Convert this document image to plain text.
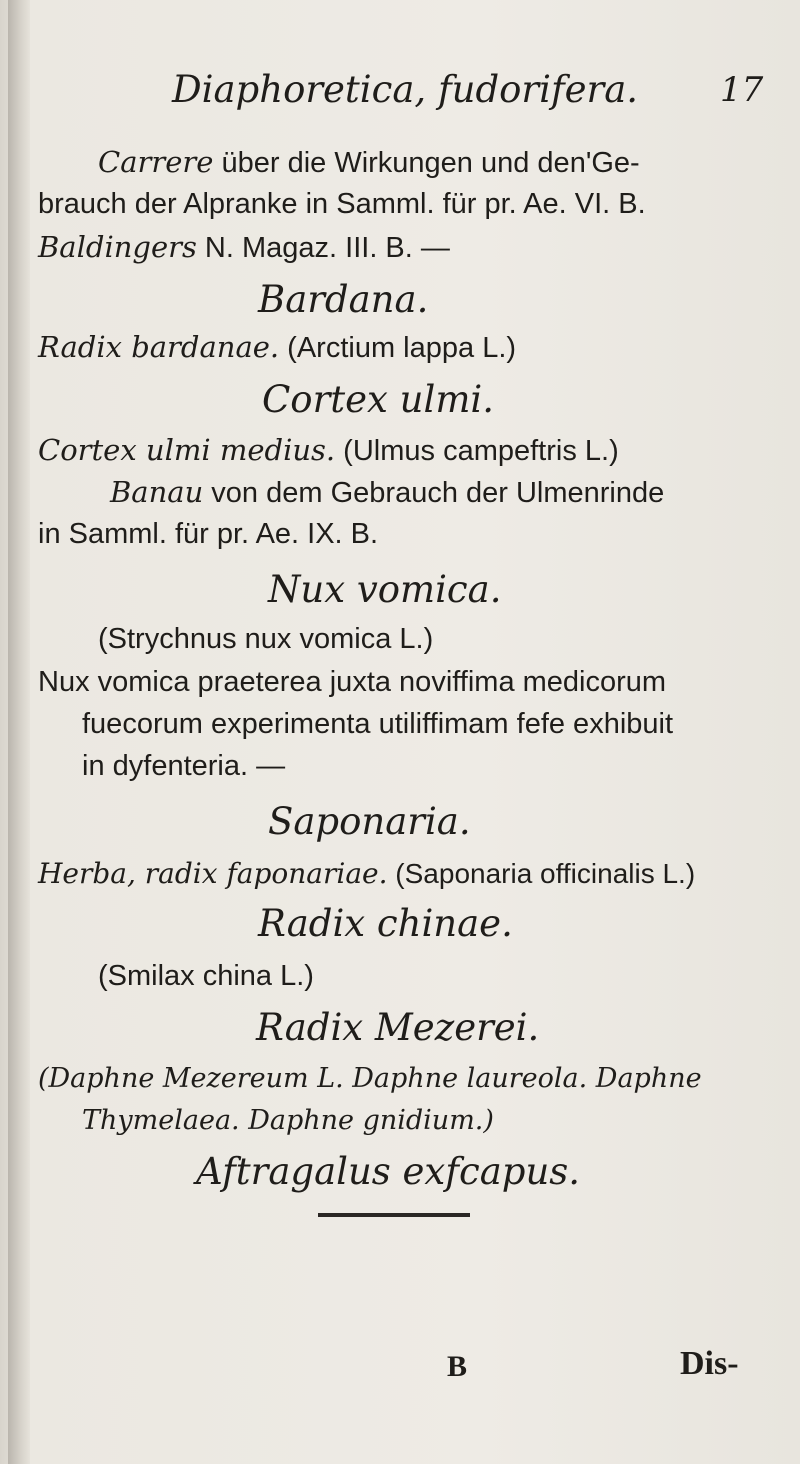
Diaphoretica, fudorifera. 17
Carrere über die Wirkungen und den'Ge-
brauch der Alpranke in Samml. für pr. Ae. VI. B.
Baldingers N. Magaz. III. B. —
Bardana.
Radix bardanae. (Arctium lappa L.)
Cortex ulmi.
Cortex ulmi medius. (Ulmus campeftris L.)
Banau von dem Gebrauch der Ulmenrinde
in Samml. für pr. Ae. IX. B.
Nux vomica.
(Strychnus nux vomica L.)
Nux vomica praeterea juxta noviffima medicorum
fuecorum experimenta utiliffimam fefe exhibuit
in dyfenteria. —
Saponaria.
Herba, radix faponariae. (Saponaria officinalis L.)
Radix chinae.
(Smilax china L.)
Radix Mezerei.
(Daphne Mezereum L. Daphne laureola. Daphne
Thymelaea. Daphne gnidium.)
Aftragalus exfcapus.
B	Dis-
